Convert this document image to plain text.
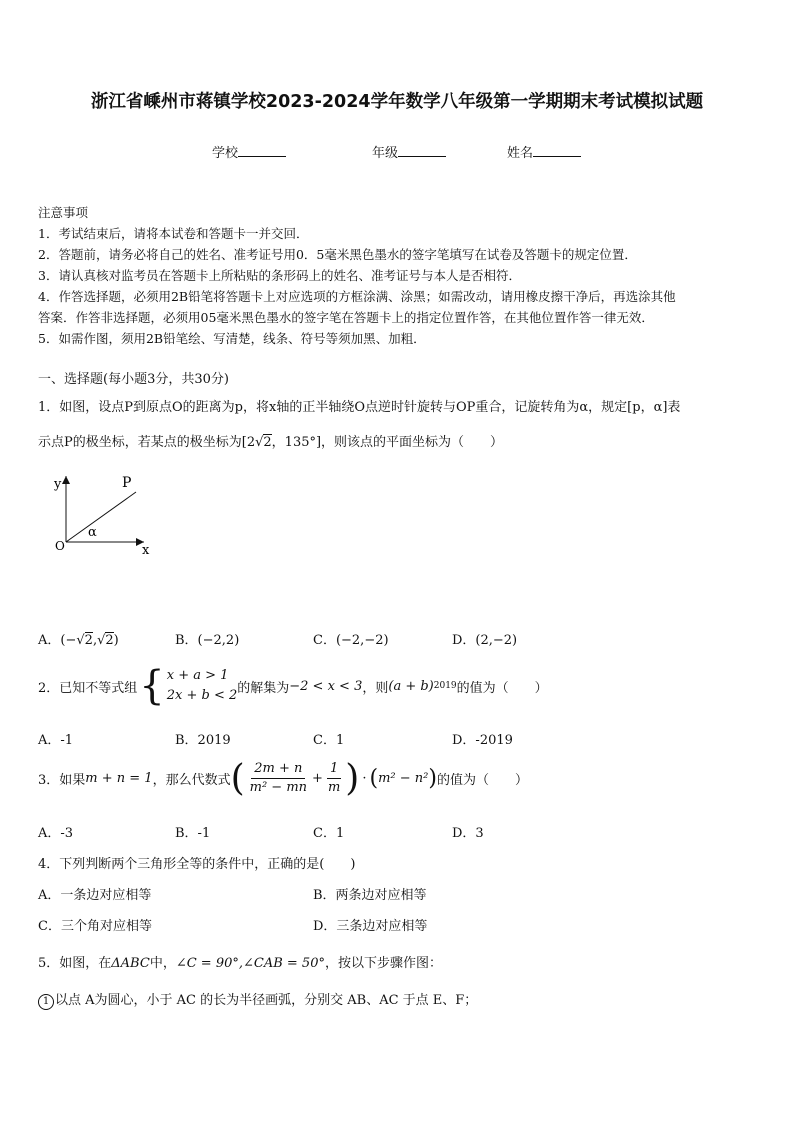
浙江省嵊州市蒋镇学校2023-2024学年数学八年级第一学期期末考试模拟试题
学校	年级	姓名
注意事项
1．考试结束后，请将本试卷和答题卡一并交回．
2．答题前，请务必将自己的姓名、准考证号用0．5毫米黑色墨水的签字笔填写在试卷及答题卡的规定位置．
3．请认真核对监考员在答题卡上所粘贴的条形码上的姓名、准考证号与本人是否相符．
4．作答选择题，必须用2B铅笔将答题卡上对应选项的方框涂满、涂黑；如需改动，请用橡皮擦干净后，再选涂其他
答案．作答非选择题，必须用05毫米黑色墨水的签字笔在答题卡上的指定位置作答，在其他位置作答一律无效．
5．如需作图，须用2B铅笔绘、写清楚，线条、符号等须加黑、加粗．
一、选择题(每小题3分，共30分)
1．如图，设点P到原点O的距离为p，将x轴的正半轴绕O点逆时针旋转与OP重合，记旋转角为α，规定[p，α]表
示点P的极坐标，若某点的极坐标为[2√2，135°]，则该点的平面坐标为（　　）
y	P
O
α
x
A．(−√2,√2)	B．(−2,2)	C．(−2,−2)	D．(2,−2)
2．已知不等式组 { x + a > 1
2x + b < 2 的解集为 −2 < x < 3 ，则 (a + b) 2019 的值为（　　）
A．-1	B．2019	C．1	D．-2019
3．如果 m + n = 1 ，那么代数式 ( $\frac{2m + n}{\text{m² − mn}} + \frac{1}{m}$ ) · ( m² − n² ) 的值为（　　）
A．-3	B．-1	C．1	D．3
4．下列判断两个三角形全等的条件中，正确的是(　　)
A．一条边对应相等	B．两条边对应相等
C．三个角对应相等	D．三条边对应相等
5．如图，在ΔABC中，∠C = 90°,∠CAB = 50°，按以下步骤作图：
1 以点 A为圆心，小于 AC 的长为半径画弧，分别交 AB、AC 于点 E、F；
